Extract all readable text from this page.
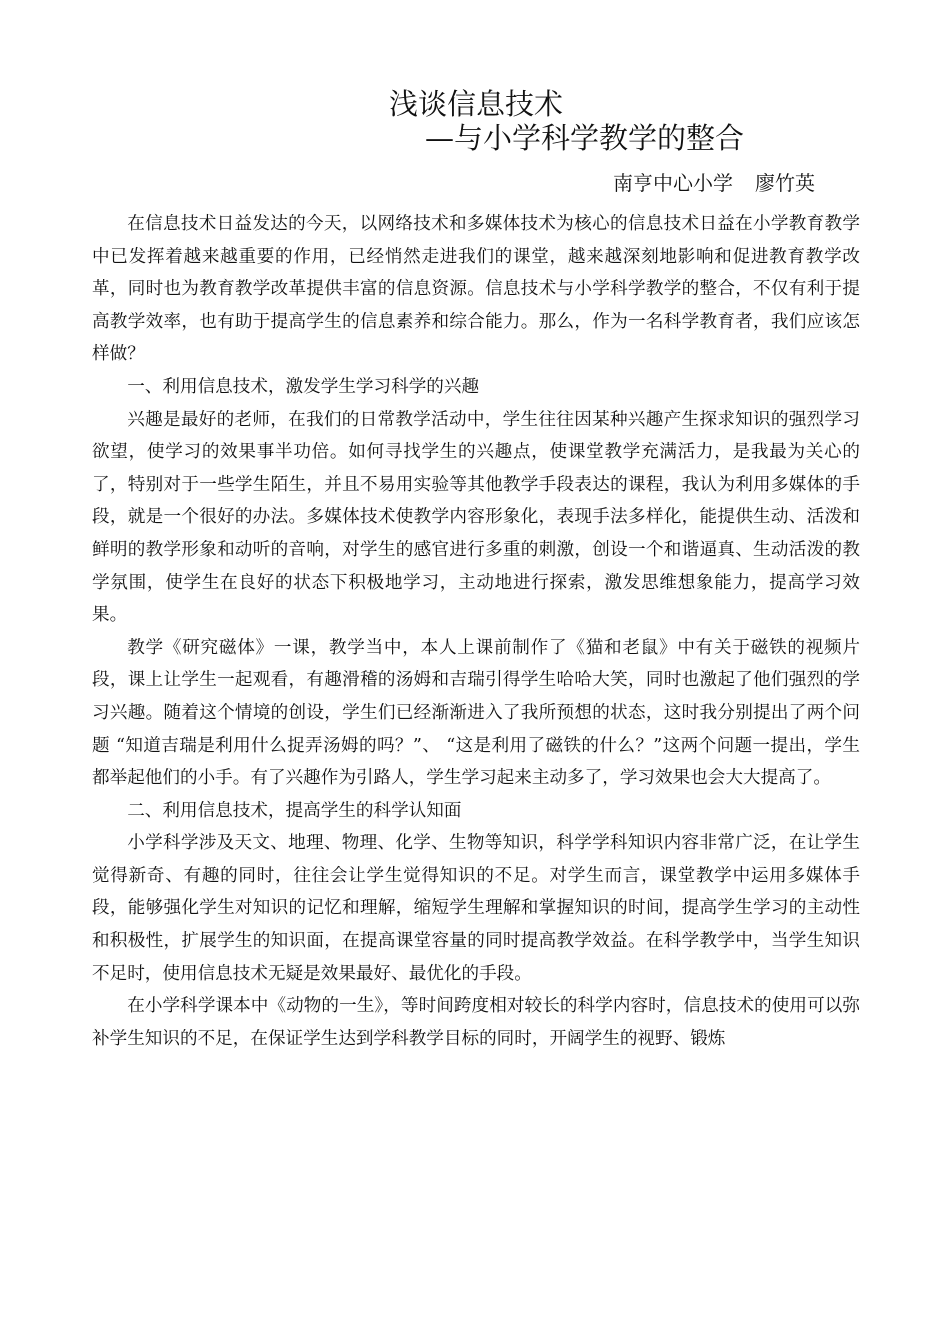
浅谈信息技术
—与小学科学教学的整合
南亨中心小学 廖竹英

在信息技术日益发达的今天，以网络技术和多媒体技术为核心的信息技术日益在小学教育教学中已发挥着越来越重要的作用，已经悄然走进我们的课堂，越来越深刻地影响和促进教育教学改革，同时也为教育教学改革提供丰富的信息资源。信息技术与小学科学教学的整合，不仅有利于提高教学效率，也有助于提高学生的信息素养和综合能力。那么，作为一名科学教育者，我们应该怎样做？

一、利用信息技术，激发学生学习科学的兴趣

兴趣是最好的老师，在我们的日常教学活动中，学生往往因某种兴趣产生探求知识的强烈学习欲望，使学习的效果事半功倍。如何寻找学生的兴趣点，使课堂教学充满活力，是我最为关心的了，特别对于一些学生陌生，并且不易用实验等其他教学手段表达的课程，我认为利用多媒体的手段，就是一个很好的办法。多媒体技术使教学内容形象化，表现手法多样化，能提供生动、活泼和鲜明的教学形象和动听的音响，对学生的感官进行多重的刺激，创设一个和谐逼真、生动活泼的教学氛围，使学生在良好的状态下积极地学习，主动地进行探索，激发思维想象能力，提高学习效果。

教学《研究磁体》一课，教学当中，本人上课前制作了《猫和老鼠》中有关于磁铁的视频片段，课上让学生一起观看，有趣滑稽的汤姆和吉瑞引得学生哈哈大笑，同时也激起了他们强烈的学习兴趣。随着这个情境的创设，学生们已经渐渐进入了我所预想的状态，这时我分别提出了两个问题 “知道吉瑞是利用什么捉弄汤姆的吗？”、 “这是利用了磁铁的什么？”这两个问题一提出，学生都举起他们的小手。有了兴趣作为引路人，学生学习起来主动多了，学习效果也会大大提高了。

二、利用信息技术，提高学生的科学认知面

小学科学涉及天文、地理、物理、化学、生物等知识，科学学科知识内容非常广泛，在让学生觉得新奇、有趣的同时，往往会让学生觉得知识的不足。对学生而言，课堂教学中运用多媒体手段，能够强化学生对知识的记忆和理解，缩短学生理解和掌握知识的时间，提高学生学习的主动性和积极性，扩展学生的知识面，在提高课堂容量的同时提高教学效益。在科学教学中，当学生知识不足时，使用信息技术无疑是效果最好、最优化的手段。

在小学科学课本中《动物的一生》，等时间跨度相对较长的科学内容时，信息技术的使用可以弥补学生知识的不足，在保证学生达到学科教学目标的同时，开阔学生的视野、锻炼
